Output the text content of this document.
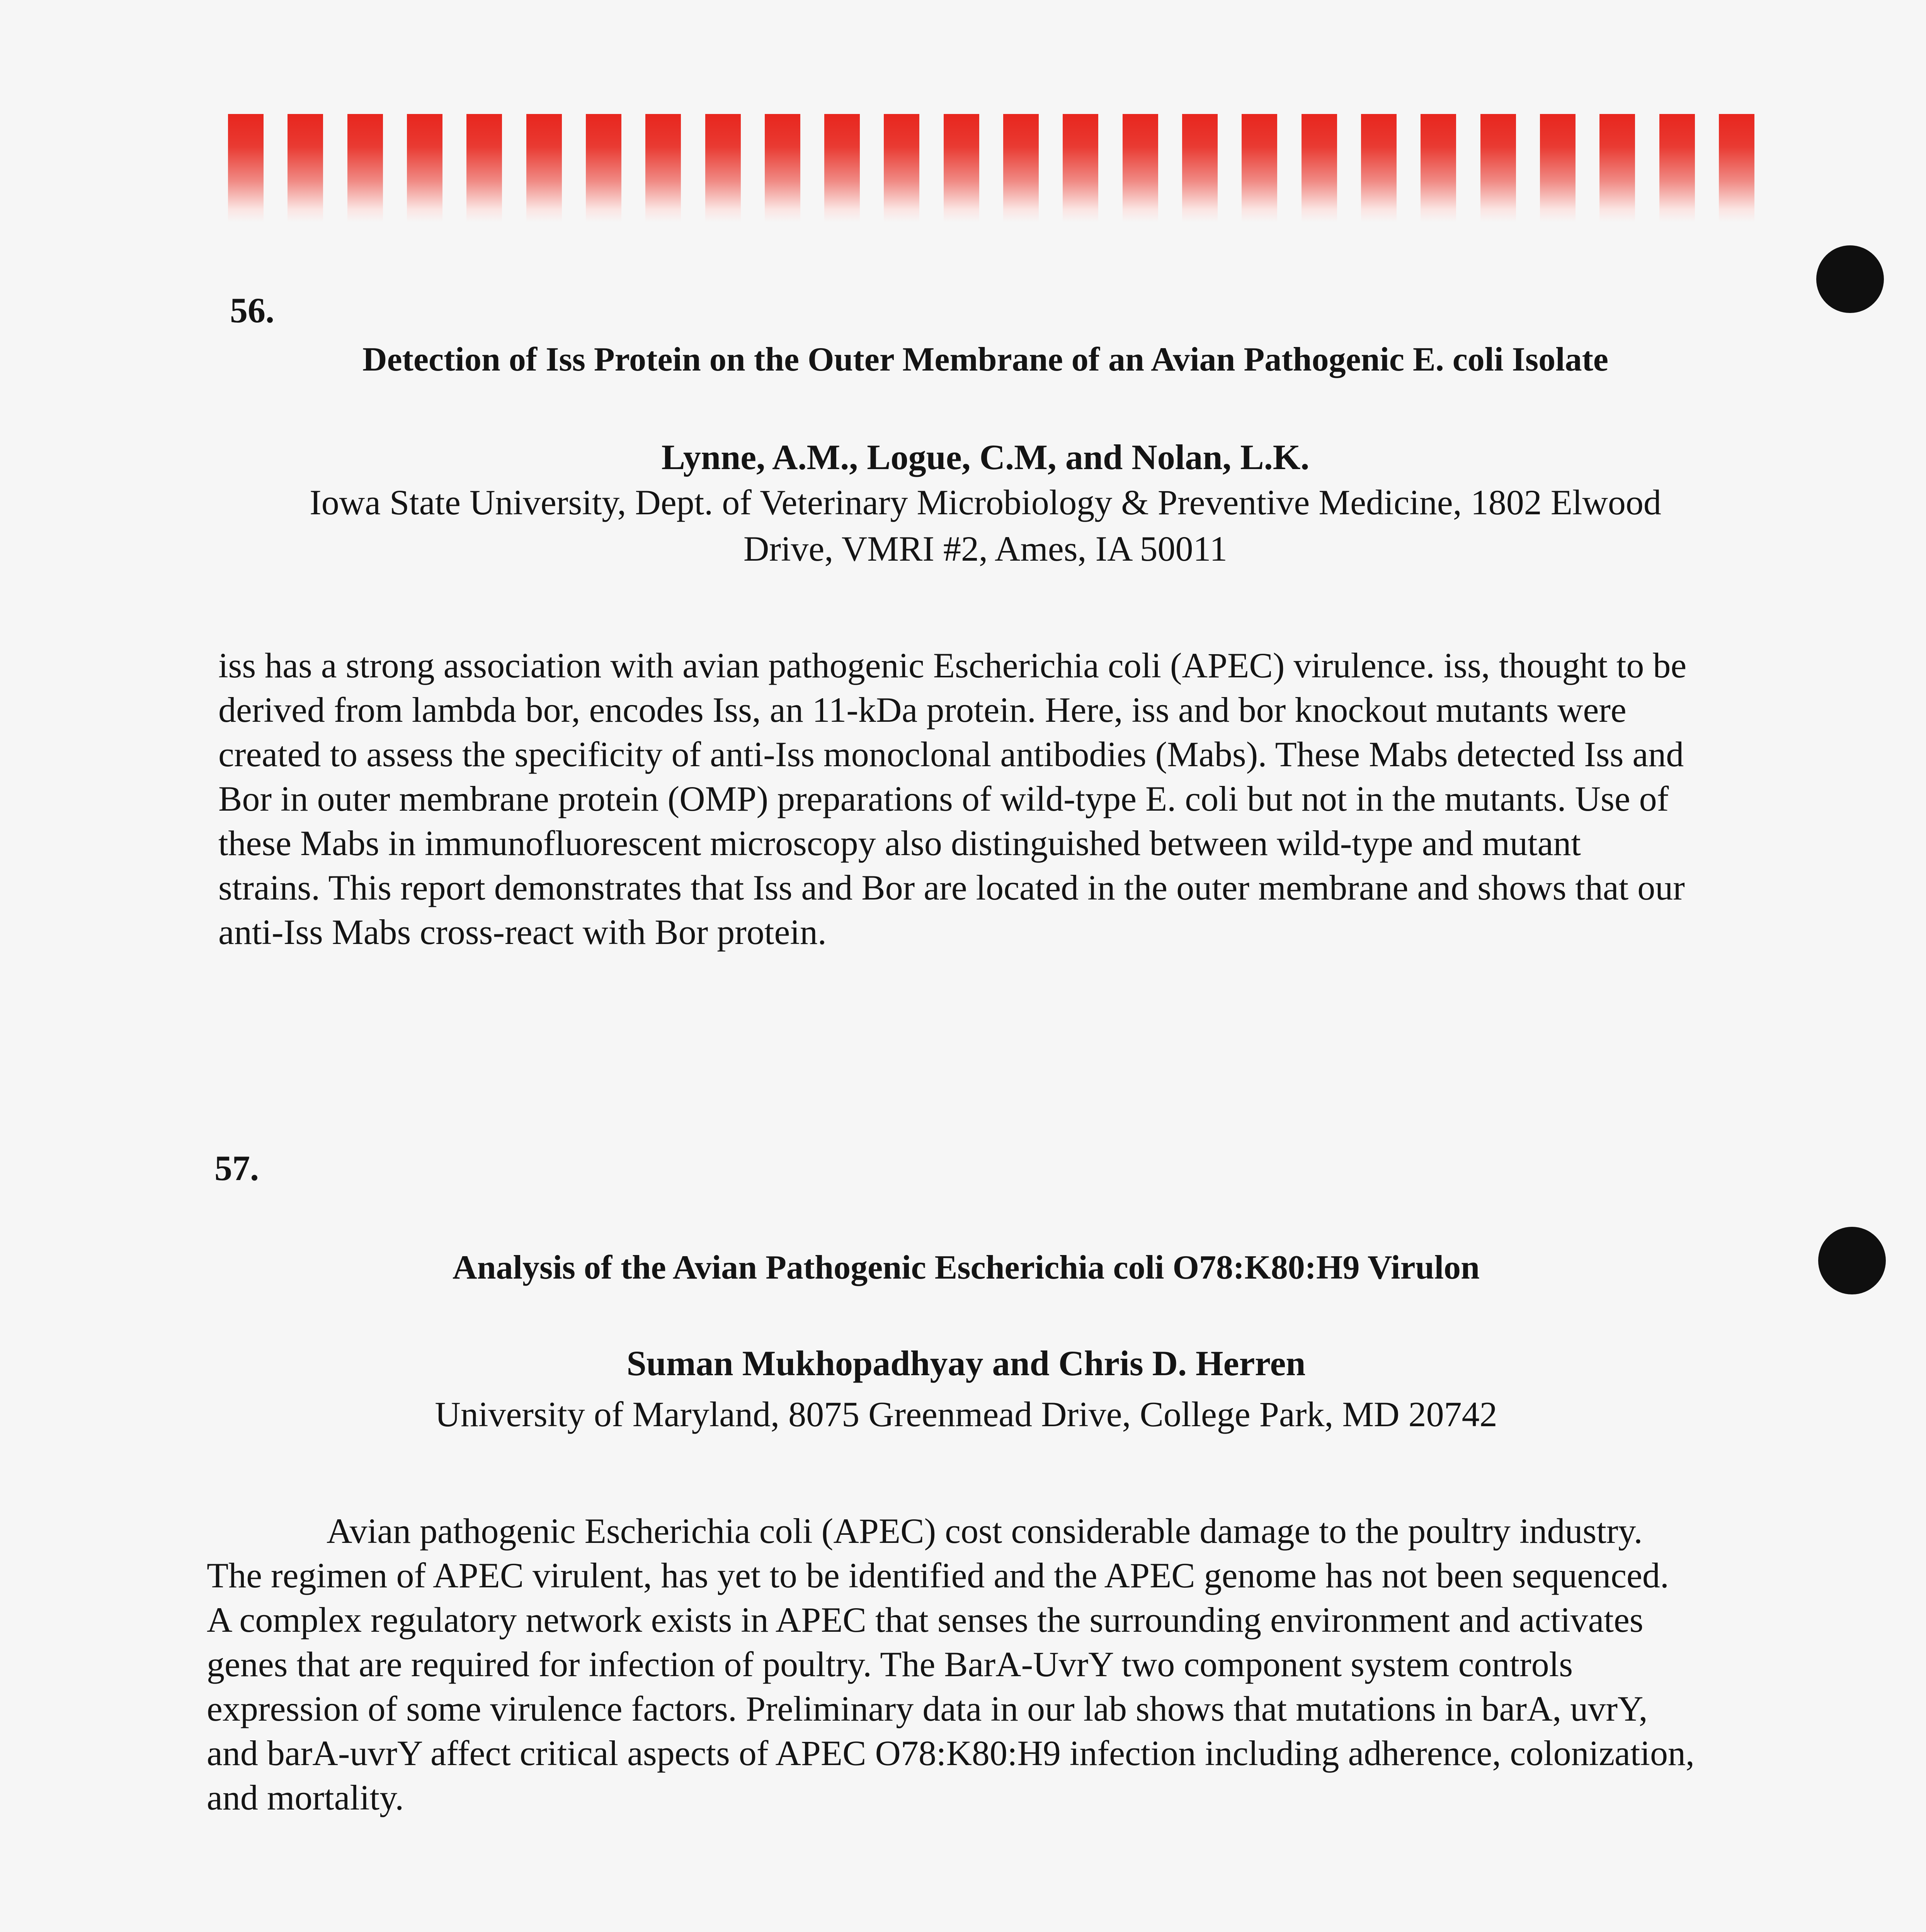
56.
Detection of Iss Protein on the Outer Membrane of an Avian Pathogenic E. coli Isolate
Lynne, A.M., Logue, C.M, and Nolan, L.K.
Iowa State University, Dept. of Veterinary Microbiology & Preventive Medicine, 1802 Elwood
Drive, VMRI #2, Ames, IA 50011

iss has a strong association with avian pathogenic Escherichia coli (APEC) virulence. iss, thought to be derived from lambda bor, encodes Iss, an 11-kDa protein. Here, iss and bor knockout mutants were created to assess the specificity of anti-Iss monoclonal antibodies (Mabs). These Mabs detected Iss and Bor in outer membrane protein (OMP) preparations of wild-type E. coli but not in the mutants. Use of these Mabs in immunofluorescent microscopy also distinguished between wild-type and mutant strains. This report demonstrates that Iss and Bor are located in the outer membrane and shows that our anti-Iss Mabs cross-react with Bor protein.

57.
Analysis of the Avian Pathogenic Escherichia coli O78:K80:H9 Virulon
Suman Mukhopadhyay and Chris D. Herren
University of Maryland, 8075 Greenmead Drive, College Park, MD 20742

Avian pathogenic Escherichia coli (APEC) cost considerable damage to the poultry industry. The regimen of APEC virulent, has yet to be identified and the APEC genome has not been sequenced. A complex regulatory network exists in APEC that senses the surrounding environment and activates genes that are required for infection of poultry. The BarA-UvrY two component system controls expression of some virulence factors. Preliminary data in our lab shows that mutations in barA, uvrY, and barA-uvrY affect critical aspects of APEC O78:K80:H9 infection including adherence, colonization, and mortality.
